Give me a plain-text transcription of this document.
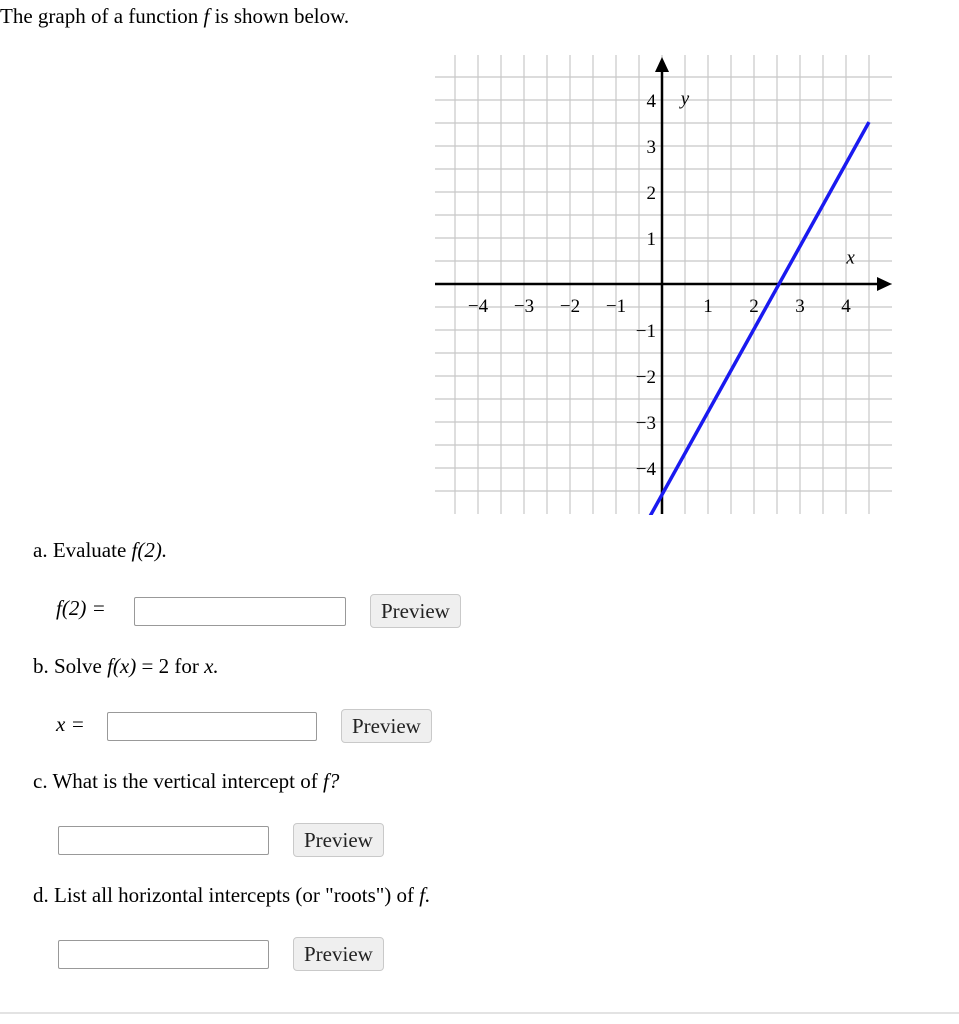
The graph of a function f is shown below.
x
y
−4 −3 −2 −1	1 2 3 4
4
3
2
1
−1
−2
−3
−4
a. Evaluate f(2).
f(2) =	Preview
b. Solve f(x) = 2 for x.
x =	Preview
c. What is the vertical intercept of f?
Preview
d. List all horizontal intercepts (or "roots") of f.
Preview
